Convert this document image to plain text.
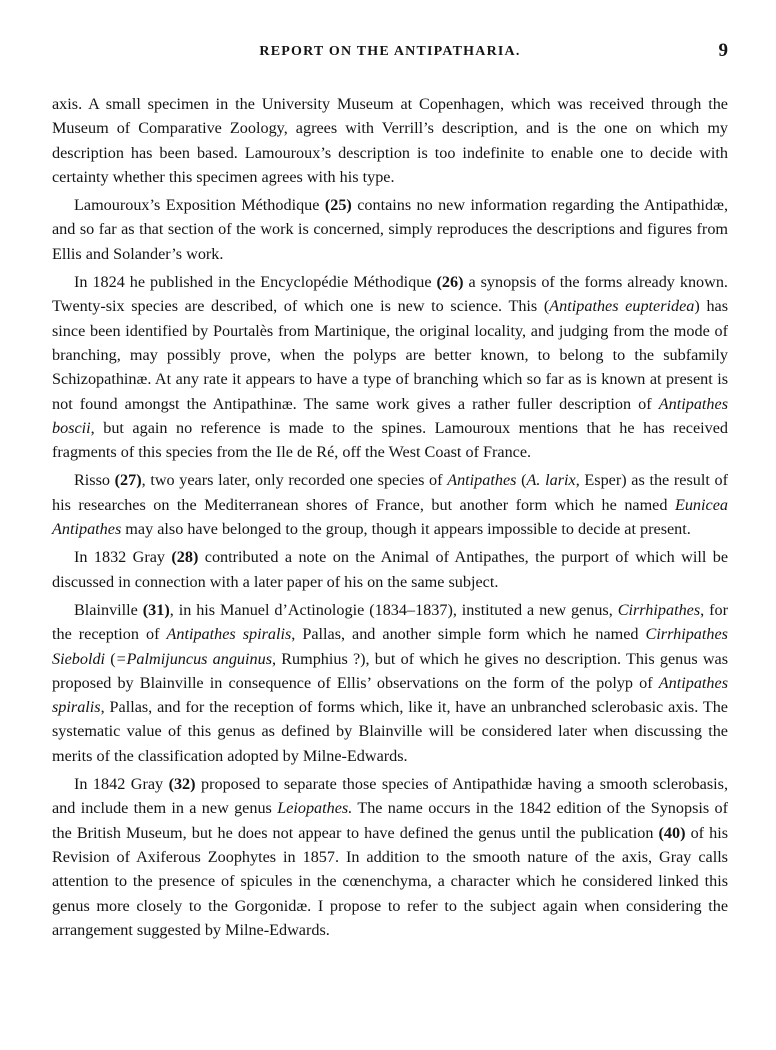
REPORT ON THE ANTIPATHARIA.	9

axis. A small specimen in the University Museum at Copenhagen, which was received through the Museum of Comparative Zoology, agrees with Verrill’s description, and is the one on which my description has been based. Lamouroux’s description is too indefinite to enable one to decide with certainty whether this specimen agrees with his type.

Lamouroux’s Exposition Méthodique (25) contains no new information regarding the Antipathidæ, and so far as that section of the work is concerned, simply reproduces the descriptions and figures from Ellis and Solander’s work.

In 1824 he published in the Encyclopédie Méthodique (26) a synopsis of the forms already known. Twenty-six species are described, of which one is new to science. This (Antipathes eupteridea) has since been identified by Pourtalès from Martinique, the original locality, and judging from the mode of branching, may possibly prove, when the polyps are better known, to belong to the subfamily Schizopathinæ. At any rate it appears to have a type of branching which so far as is known at present is not found amongst the Antipathinæ. The same work gives a rather fuller description of Antipathes boscii, but again no reference is made to the spines. Lamouroux mentions that he has received fragments of this species from the Ile de Ré, off the West Coast of France.

Risso (27), two years later, only recorded one species of Antipathes (A. larix, Esper) as the result of his researches on the Mediterranean shores of France, but another form which he named Eunicea Antipathes may also have belonged to the group, though it appears impossible to decide at present.

In 1832 Gray (28) contributed a note on the Animal of Antipathes, the purport of which will be discussed in connection with a later paper of his on the same subject.

Blainville (31), in his Manuel d’Actinologie (1834–1837), instituted a new genus, Cirrhipathes, for the reception of Antipathes spiralis, Pallas, and another simple form which he named Cirrhipathes Sieboldi (=Palmijuncus anguinus, Rumphius ?), but of which he gives no description. This genus was proposed by Blainville in consequence of Ellis’ observations on the form of the polyp of Antipathes spiralis, Pallas, and for the reception of forms which, like it, have an unbranched sclerobasic axis. The systematic value of this genus as defined by Blainville will be considered later when discussing the merits of the classification adopted by Milne-Edwards.

In 1842 Gray (32) proposed to separate those species of Antipathidæ having a smooth sclerobasis, and include them in a new genus Leiopathes. The name occurs in the 1842 edition of the Synopsis of the British Museum, but he does not appear to have defined the genus until the publication (40) of his Revision of Axiferous Zoophytes in 1857. In addition to the smooth nature of the axis, Gray calls attention to the presence of spicules in the cœnenchyma, a character which he considered linked this genus more closely to the Gorgonidæ. I propose to refer to the subject again when considering the arrangement suggested by Milne-Edwards.
